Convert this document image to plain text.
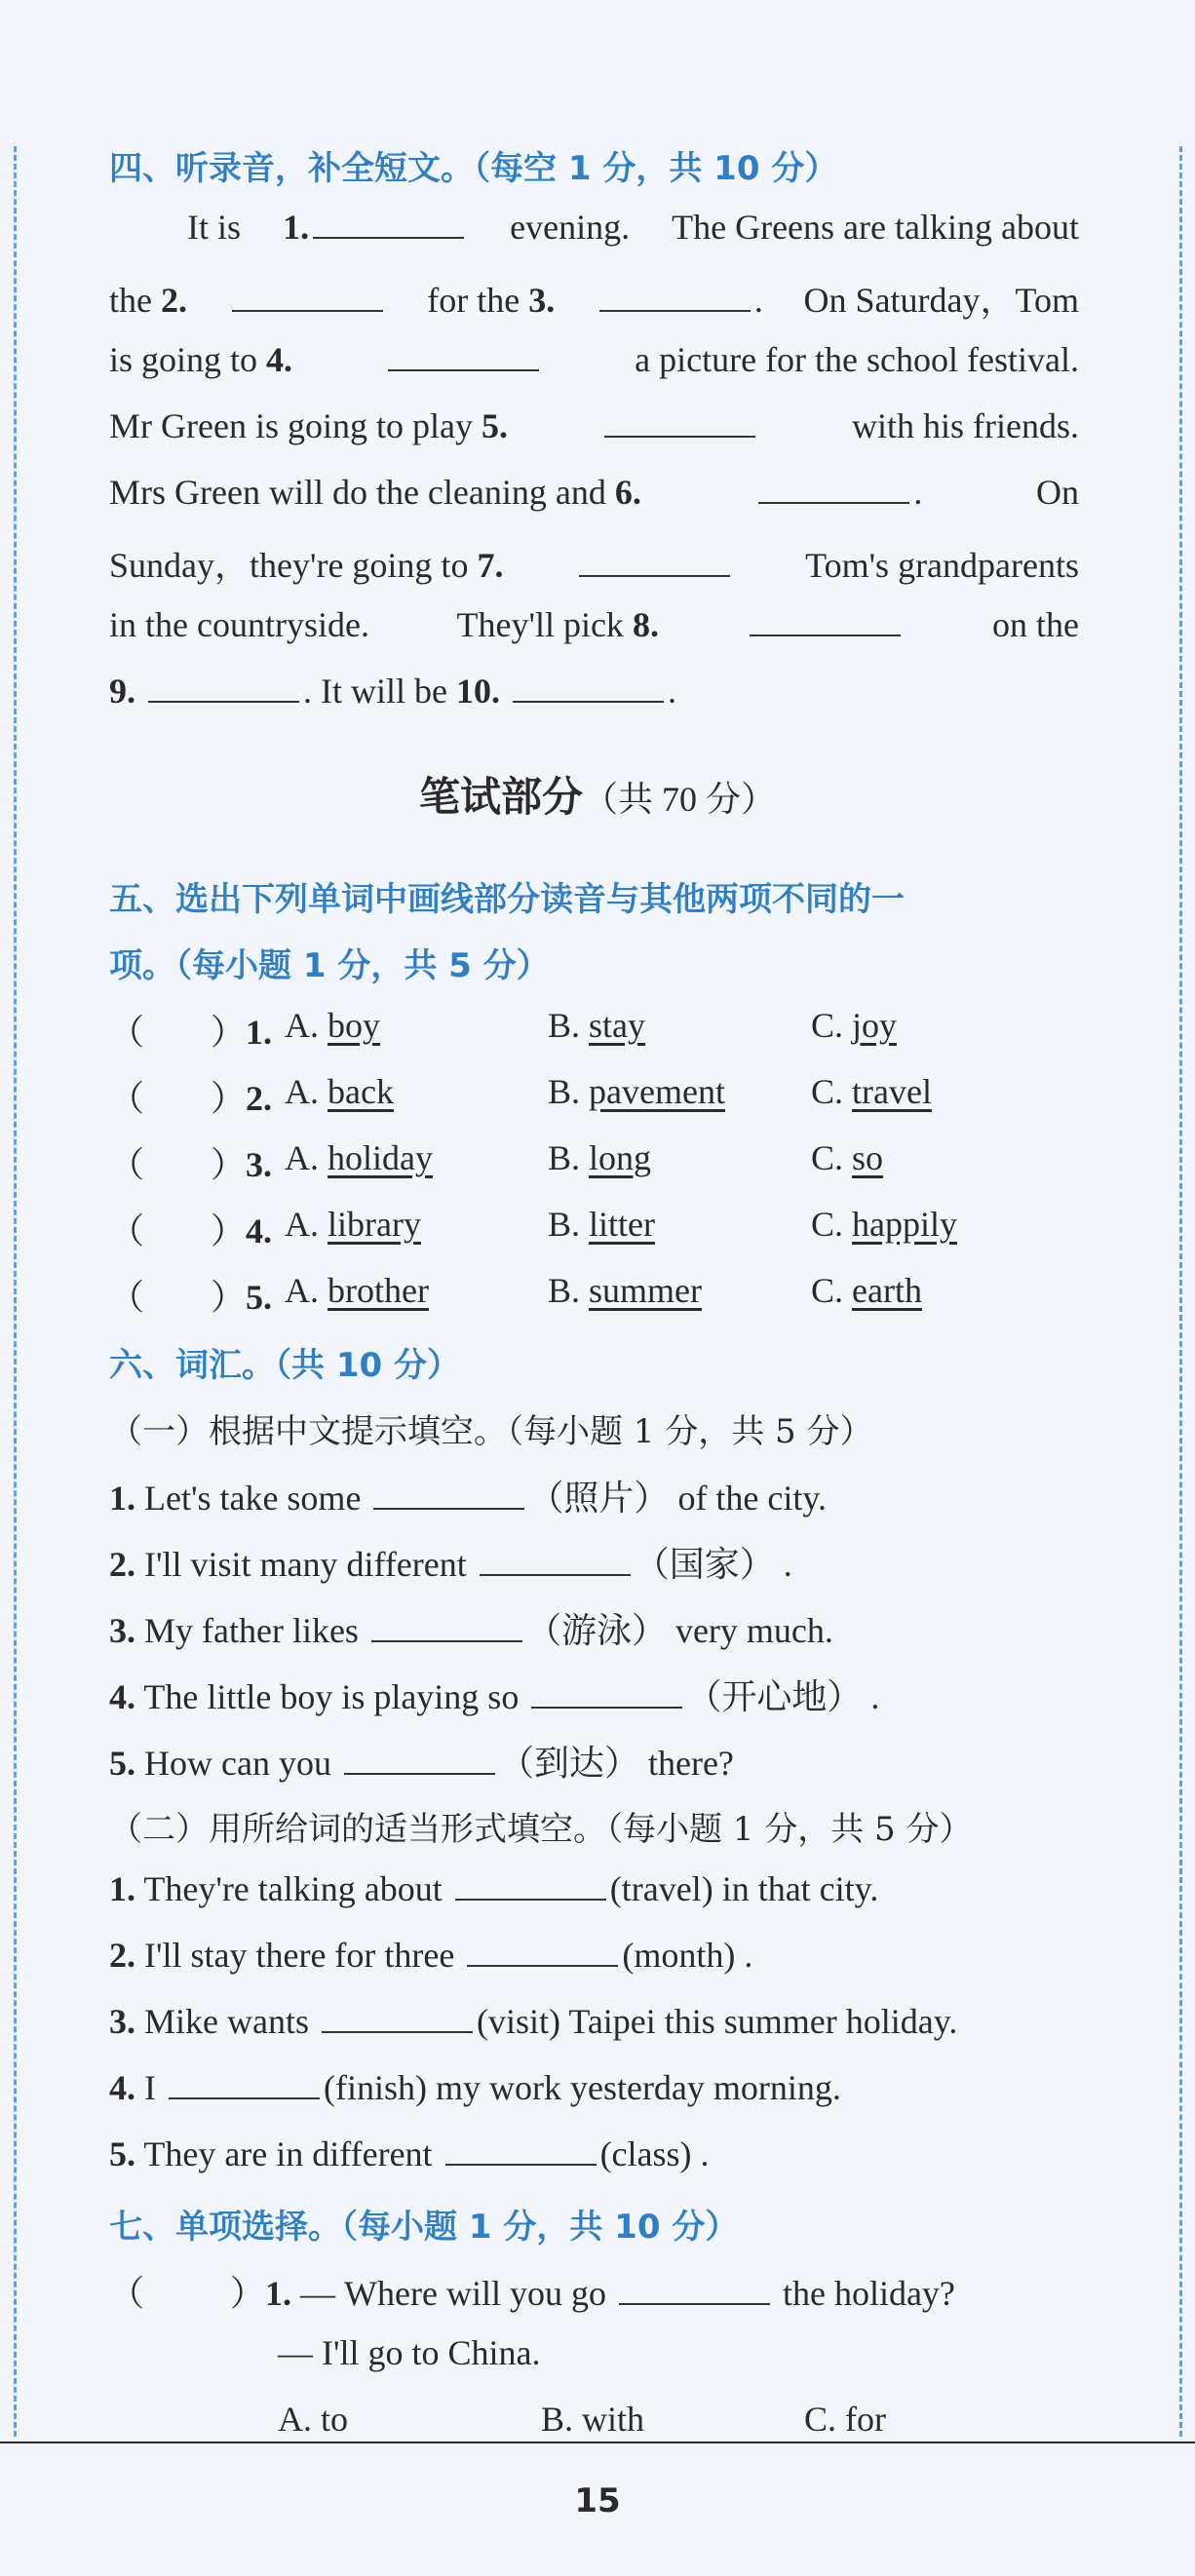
四、听录音，补全短文。（每空 1 分，共 10 分）
It is 1.	evening. The Greens are talking about
the 2.	for the 3.	. On Saturday，Tom
is going to 4.	a picture for the school festival.
Mr Green is going to play 5.	with his friends.
Mrs Green will do the cleaning and 6.	.	On
Sunday，they're going to 7.	Tom's grandparents
in the countryside. They'll pick 8.	on the
9.	. It will be 10.	.
笔试部分（共 70 分）
五、选出下列单词中画线部分读音与其他两项不同的一
项。（每小题 1 分，共 5 分）
（ ）1. A. boy	B. stay	C. joy
（ ）2. A. back	B. pavement C. travel
（ ）3. A. holiday	B. long	C. so
（ ）4. A. library	B. litter	C. happily
（ ）5. A. brother	B. summer	C. earth
六、词汇。（共 10 分）
（一）根据中文提示填空。（每小题 1 分，共 5 分）
1. Let's take some	（照片） of the city.
2. I'll visit many different	（国家） .
3. My father likes	（游泳） very much.
4. The little boy is playing so	（开心地） .
5. How can you	（到达） there?
（二）用所给词的适当形式填空。（每小题 1 分，共 5 分）
1. They're talking about	(travel) in that city.
2. I'll stay there for three	(month) .
3. Mike wants	(visit) Taipei this summer holiday.
4. I	(finish) my work yesterday morning.
5. They are in different	(class) .
七、单项选择。（每小题 1 分，共 10 分）
（ ）1. — Where will you go	the holiday?
— I'll go to China.
A. to	B. with	C. for
15
